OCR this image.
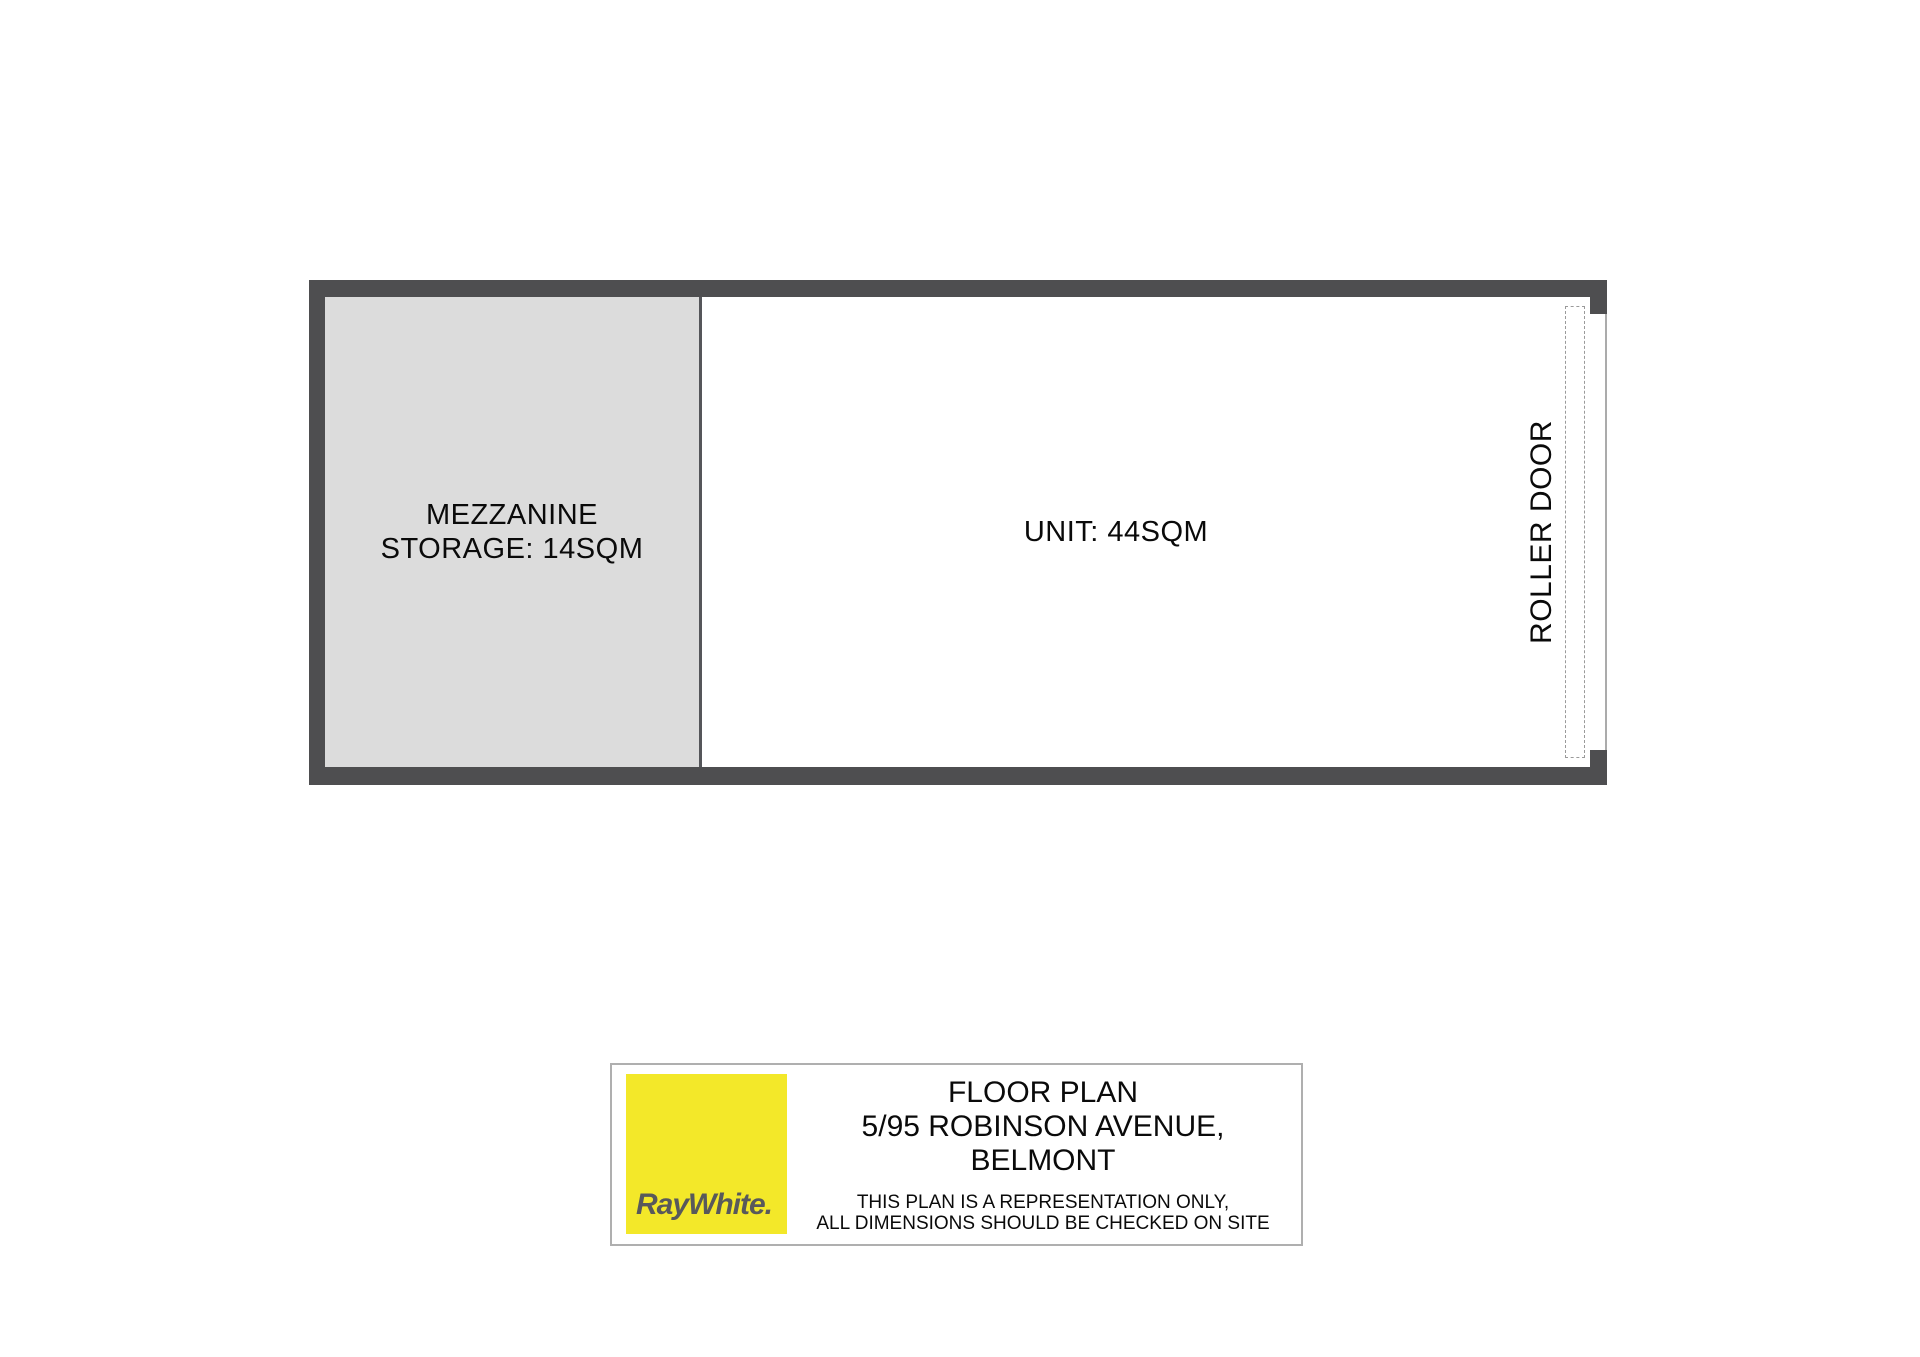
MEZZANINE
STORAGE: 14SQM
UNIT: 44SQM	ROLLER DOOR
RayWhite.
FLOOR PLAN
5/95 ROBINSON AVENUE,
BELMONT
THIS PLAN IS A REPRESENTATION ONLY,
ALL DIMENSIONS SHOULD BE CHECKED ON SITE
